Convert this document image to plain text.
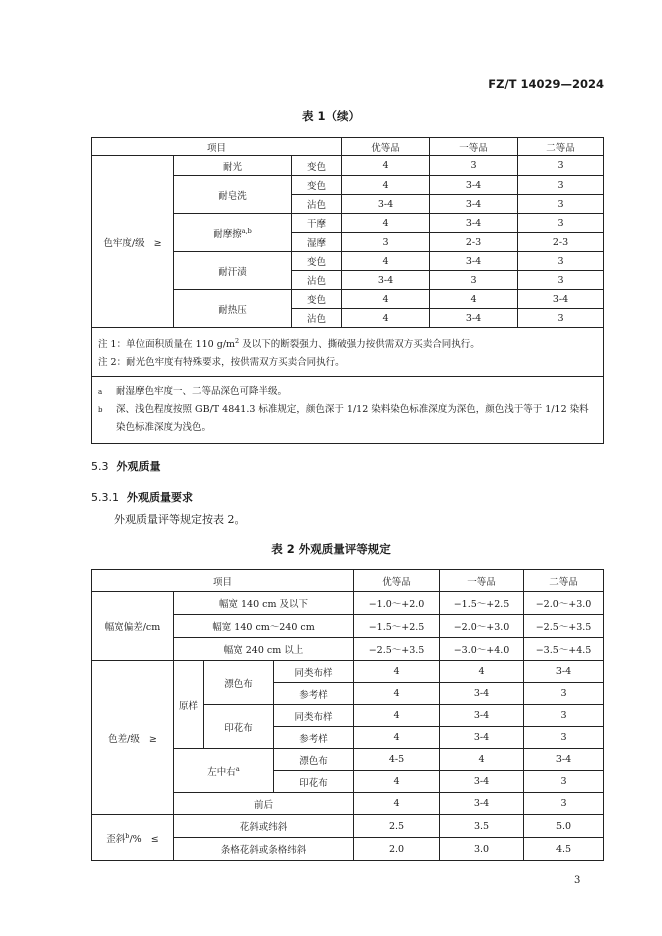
FZ/T 14029—2024
表 1（续）
项目			优等品	一等品	二等品
色牢度/级 ≥	耐光	变色	4	3	3
	耐皂洗	变色	4	3-4	3
		沾色	3-4	3-4	3
	耐摩擦$^{a,b}$	干摩	4	3-4	3
		湿摩	3	2-3	2-3
	耐汗渍	变色	4	3-4	3
		沾色	3-4	3	3
	耐热压	变色	4	4	3-4
		沾色	4	3-4	3

注 1：单位面积质量在 110 $g/m^2$ 及以下的断裂强力、撕破强力按供需双方买卖合同执行。
注 2：耐光色牢度有特殊要求，按供需双方买卖合同执行。					

a 耐湿摩色牢度一、二等品深色可降半级。
b 深、浅色程度按照 GB/T 4841.3 标准规定，颜色深于 1/12 染料染色标准深度为深色，颜色浅于等于 1/12 染料染色标准深度为浅色。					
5.3 外观质量
5.3.1 外观质量要求
外观质量评等规定按表 2。
表 2 外观质量评等规定
项目				优等品	一等品	二等品
幅宽偏差/cm	幅宽 140 cm 及以下			−1.0～+2.0	−1.5～+2.5	−2.0～+3.0
	幅宽 140 cm～240 cm			−1.5～+2.5	−2.0～+3.0	−2.5～+3.5
	幅宽 240 cm 以上			−2.5～+3.5	−3.0～+4.0	−3.5～+4.5
色差/级 ≥	原样	漂色布	同类布样	4	4	3-4
			参考样	4	3-4	3
		印花布	同类布样	4	3-4	3
			参考样	4	3-4	3
	左中右$^a$		漂色布	4-5	4	3-4
			印花布	4	3-4	3
	前后			4	3-4	3
歪斜$^b$/% ≤	花斜或纬斜			2.5	3.5	5.0
	条格花斜或条格纬斜			2.0	3.0	4.5
3
